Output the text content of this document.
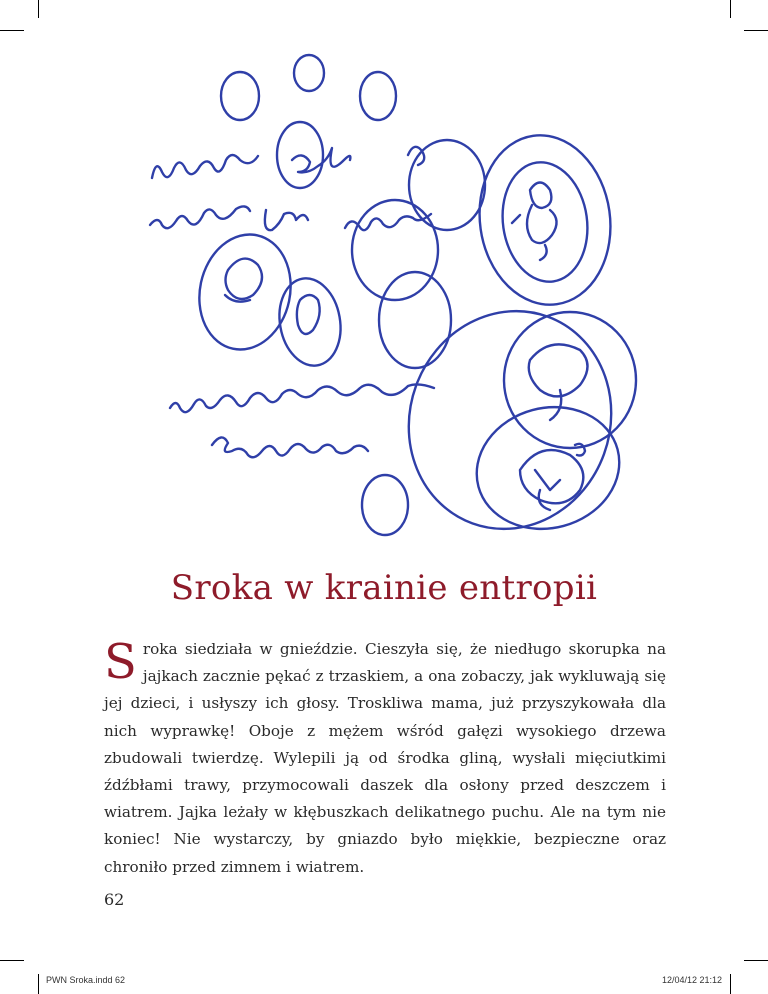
mówić się, że
entropia jest miarą
nieuporządkowania
systemu
Sroka w krainie entropii

Sroka siedziała w gnieździe. Cieszyła się, że niedługo skorupka na jajkach zacznie pękać z trzaskiem, a ona zobaczy, jak wykluwają się jej dzieci, i usłyszy ich głosy. Troskliwa mama, już przyszykowała dla nich wyprawkę! Oboje z mężem wśród gałęzi wysokiego drzewa zbudowali twierdzę. Wylepili ją od środka gliną, wysłali mięciutkimi źdźbłami trawy, przymocowali daszek dla osłony przed deszczem i wiatrem. Jajka leżały w kłębuszkach delikatnego puchu. Ale na tym nie koniec! Nie wystarczy, by gniazdo było miękkie, bezpieczne oraz chroniło przed zimnem i wiatrem.

62
PWN Sroka.indd 62	12/04/12 21:12
